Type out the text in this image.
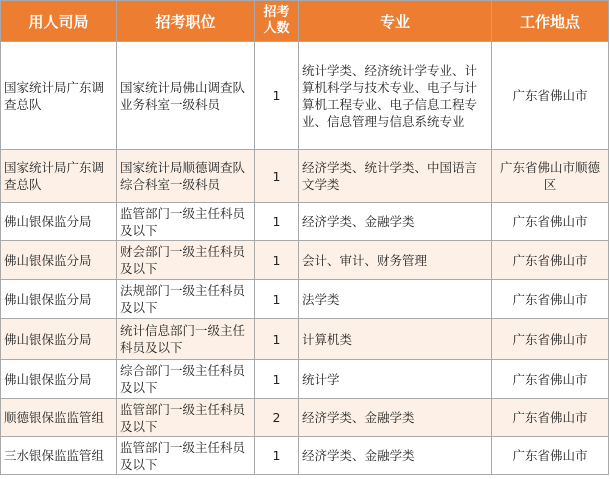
用人司局	招考职位	招考人数	专业	工作地点
国家统计局广东调查总队	国家统计局佛山调查队业务科室一级科员	1	统计学类、经济统计学专业、计算机科学与技术专业、电子与计算机工程专业、电子信息工程专业、信息管理与信息系统专业	广东省佛山市
国家统计局广东调查总队	国家统计局顺德调查队综合科室一级科员	1	经济学类、统计学类、中国语言文学类	广东省佛山市顺德区
佛山银保监分局	监管部门一级主任科员及以下	1	经济学类、金融学类	广东省佛山市
佛山银保监分局	财会部门一级主任科员及以下	1	会计、审计、财务管理	广东省佛山市
佛山银保监分局	法规部门一级主任科员及以下	1	法学类	广东省佛山市
佛山银保监分局	统计信息部门一级主任科员及以下	1	计算机类	广东省佛山市
佛山银保监分局	综合部门一级主任科员及以下	1	统计学	广东省佛山市
顺德银保监监管组	监管部门一级主任科员及以下	2	经济学类、金融学类	广东省佛山市
三水银保监监管组	监管部门一级主任科员及以下	1	经济学类、金融学类	广东省佛山市
